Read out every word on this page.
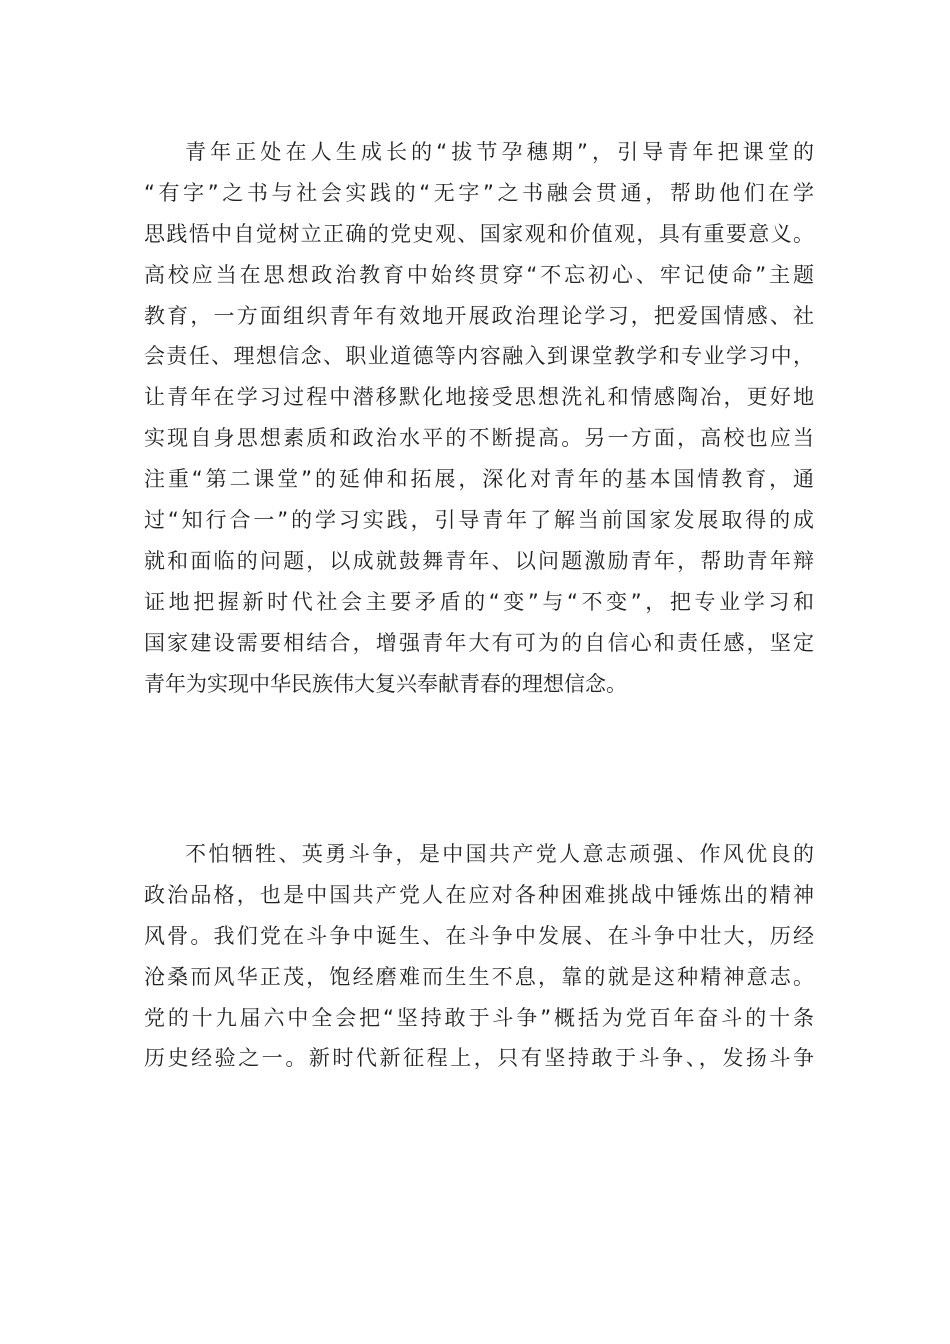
青年正处在人生成长的“拔节孕穗期”，引导青年把课堂的
“有字”之书与社会实践的“无字”之书融会贯通，帮助他们在学
思践悟中自觉树立正确的党史观、国家观和价值观，具有重要意义。
高校应当在思想政治教育中始终贯穿“不忘初心、牢记使命”主题
教育，一方面组织青年有效地开展政治理论学习，把爱国情感、社
会责任、理想信念、职业道德等内容融入到课堂教学和专业学习中，
让青年在学习过程中潜移默化地接受思想洗礼和情感陶冶，更好地
实现自身思想素质和政治水平的不断提高。另一方面，高校也应当
注重“第二课堂”的延伸和拓展，深化对青年的基本国情教育，通
过“知行合一”的学习实践，引导青年了解当前国家发展取得的成
就和面临的问题，以成就鼓舞青年、以问题激励青年，帮助青年辩
证地把握新时代社会主要矛盾的“变”与“不变”，把专业学习和
国家建设需要相结合，增强青年大有可为的自信心和责任感，坚定
青年为实现中华民族伟大复兴奉献青春的理想信念。
不怕牺牲、英勇斗争，是中国共产党人意志顽强、作风优良的
政治品格，也是中国共产党人在应对各种困难挑战中锤炼出的精神
风骨。我们党在斗争中诞生、在斗争中发展、在斗争中壮大，历经
沧桑而风华正茂，饱经磨难而生生不息，靠的就是这种精神意志。
党的十九届六中全会把“坚持敢于斗争”概括为党百年奋斗的十条
历史经验之一。新时代新征程上，只有坚持敢于斗争、，发扬斗争
